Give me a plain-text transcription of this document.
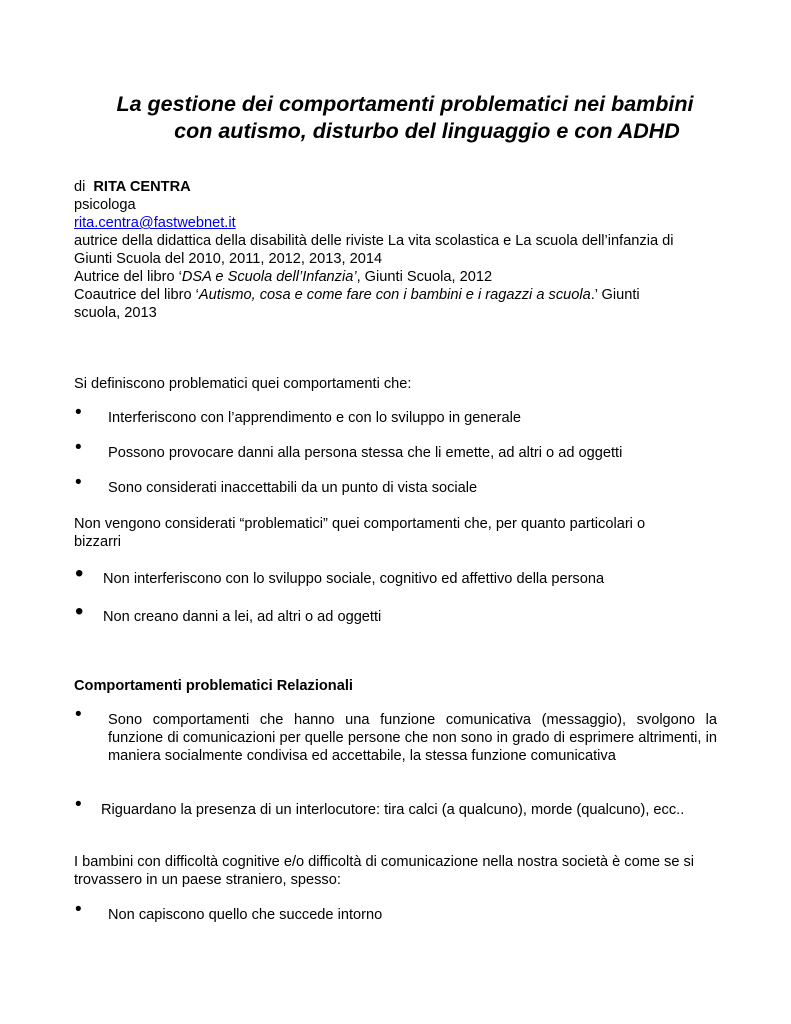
La gestione dei comportamenti problematici nei bambini
con autismo, disturbo del linguaggio e con ADHD

di RITA CENTRA

psicologa

rita.centra@fastwebnet.it

autrice della didattica della disabilità delle riviste La vita scolastica e La scuola dell’infanzia di

Giunti Scuola del 2010, 2011, 2012, 2013, 2014

Autrice del libro ‘DSA e Scuola dell’Infanzia’, Giunti Scuola, 2012

Coautrice del libro ‘Autismo, cosa e come fare con i bambini e i ragazzi a scuola.’ Giunti

scuola, 2013

Si definiscono problematici quei comportamenti che:

• Interferiscono con l’apprendimento e con lo sviluppo in generale

• Possono provocare danni alla persona stessa che li emette, ad altri o ad oggetti

• Sono considerati inaccettabili da un punto di vista sociale

Non vengono considerati “problematici” quei comportamenti che, per quanto particolari o

bizzarri

• Non interferiscono con lo sviluppo sociale, cognitivo ed affettivo della persona

• Non creano danni a lei, ad altri o ad oggetti

Comportamenti problematici Relazionali
• Sono comportamenti che hanno una funzione comunicativa (messaggio), svolgono la funzione di comunicazioni per quelle persone che non sono in grado di esprimere altrimenti, in maniera socialmente condivisa ed accettabile, la stessa funzione comunicativa

• Riguardano la presenza di un interlocutore: tira calci (a qualcuno), morde (qualcuno), ecc..

I bambini con difficoltà cognitive e/o difficoltà di comunicazione nella nostra società è come se si trovassero in un paese straniero, spesso:

• Non capiscono quello che succede intorno
